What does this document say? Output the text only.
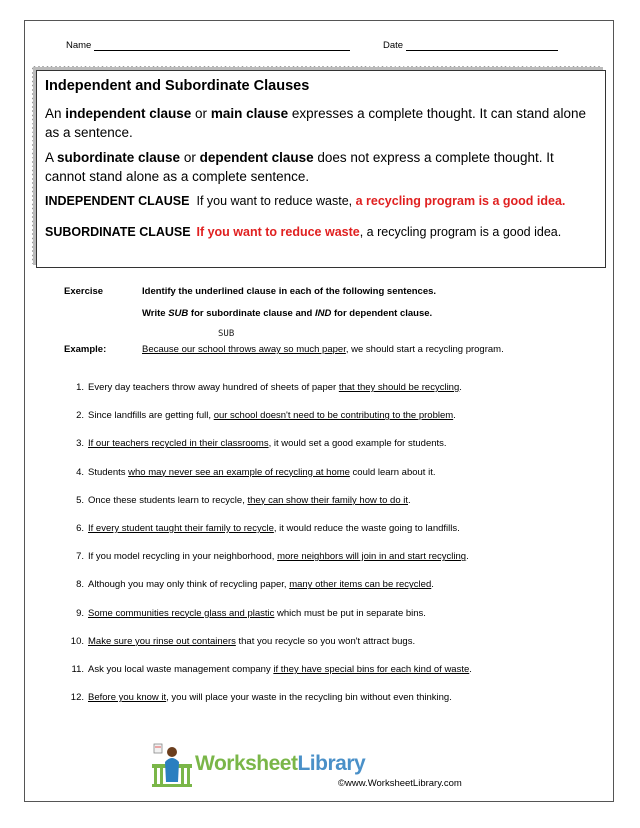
Name	Date
Independent and Subordinate Clauses

An independent clause or main clause expresses a complete thought. It can stand alone as a sentence.

A subordinate clause or dependent clause does not express a complete thought. It cannot stand alone as a complete sentence.

INDEPENDENT CLAUSE If you want to reduce waste, a recycling program is a good idea.
SUBORDINATE CLAUSE If you want to reduce waste, a recycling program is a good idea.
Exercise	Identify the underlined clause in each of the following sentences.
Write SUB for subordinate clause and IND for dependent clause.
SUB
Example:	Because our school throws away so much paper, we should start a recycling program.
1. Every day teachers throw away hundred of sheets of paper that they should be recycling.
2. Since landfills are getting full, our school doesn't need to be contributing to the problem.
3. If our teachers recycled in their classrooms, it would set a good example for students.
4. Students who may never see an example of recycling at home could learn about it.
5. Once these students learn to recycle, they can show their family how to do it.
6. If every student taught their family to recycle, it would reduce the waste going to landfills.
7. If you model recycling in your neighborhood, more neighbors will join in and start recycling.
8. Although you may only think of recycling paper, many other items can be recycled.
9. Some communities recycle glass and plastic which must be put in separate bins.
10. Make sure you rinse out containers that you recycle so you won't attract bugs.
11. Ask you local waste management company if they have special bins for each kind of waste.
12. Before you know it, you will place your waste in the recycling bin without even thinking.
WorksheetLibrary
©www.WorksheetLibrary.com
